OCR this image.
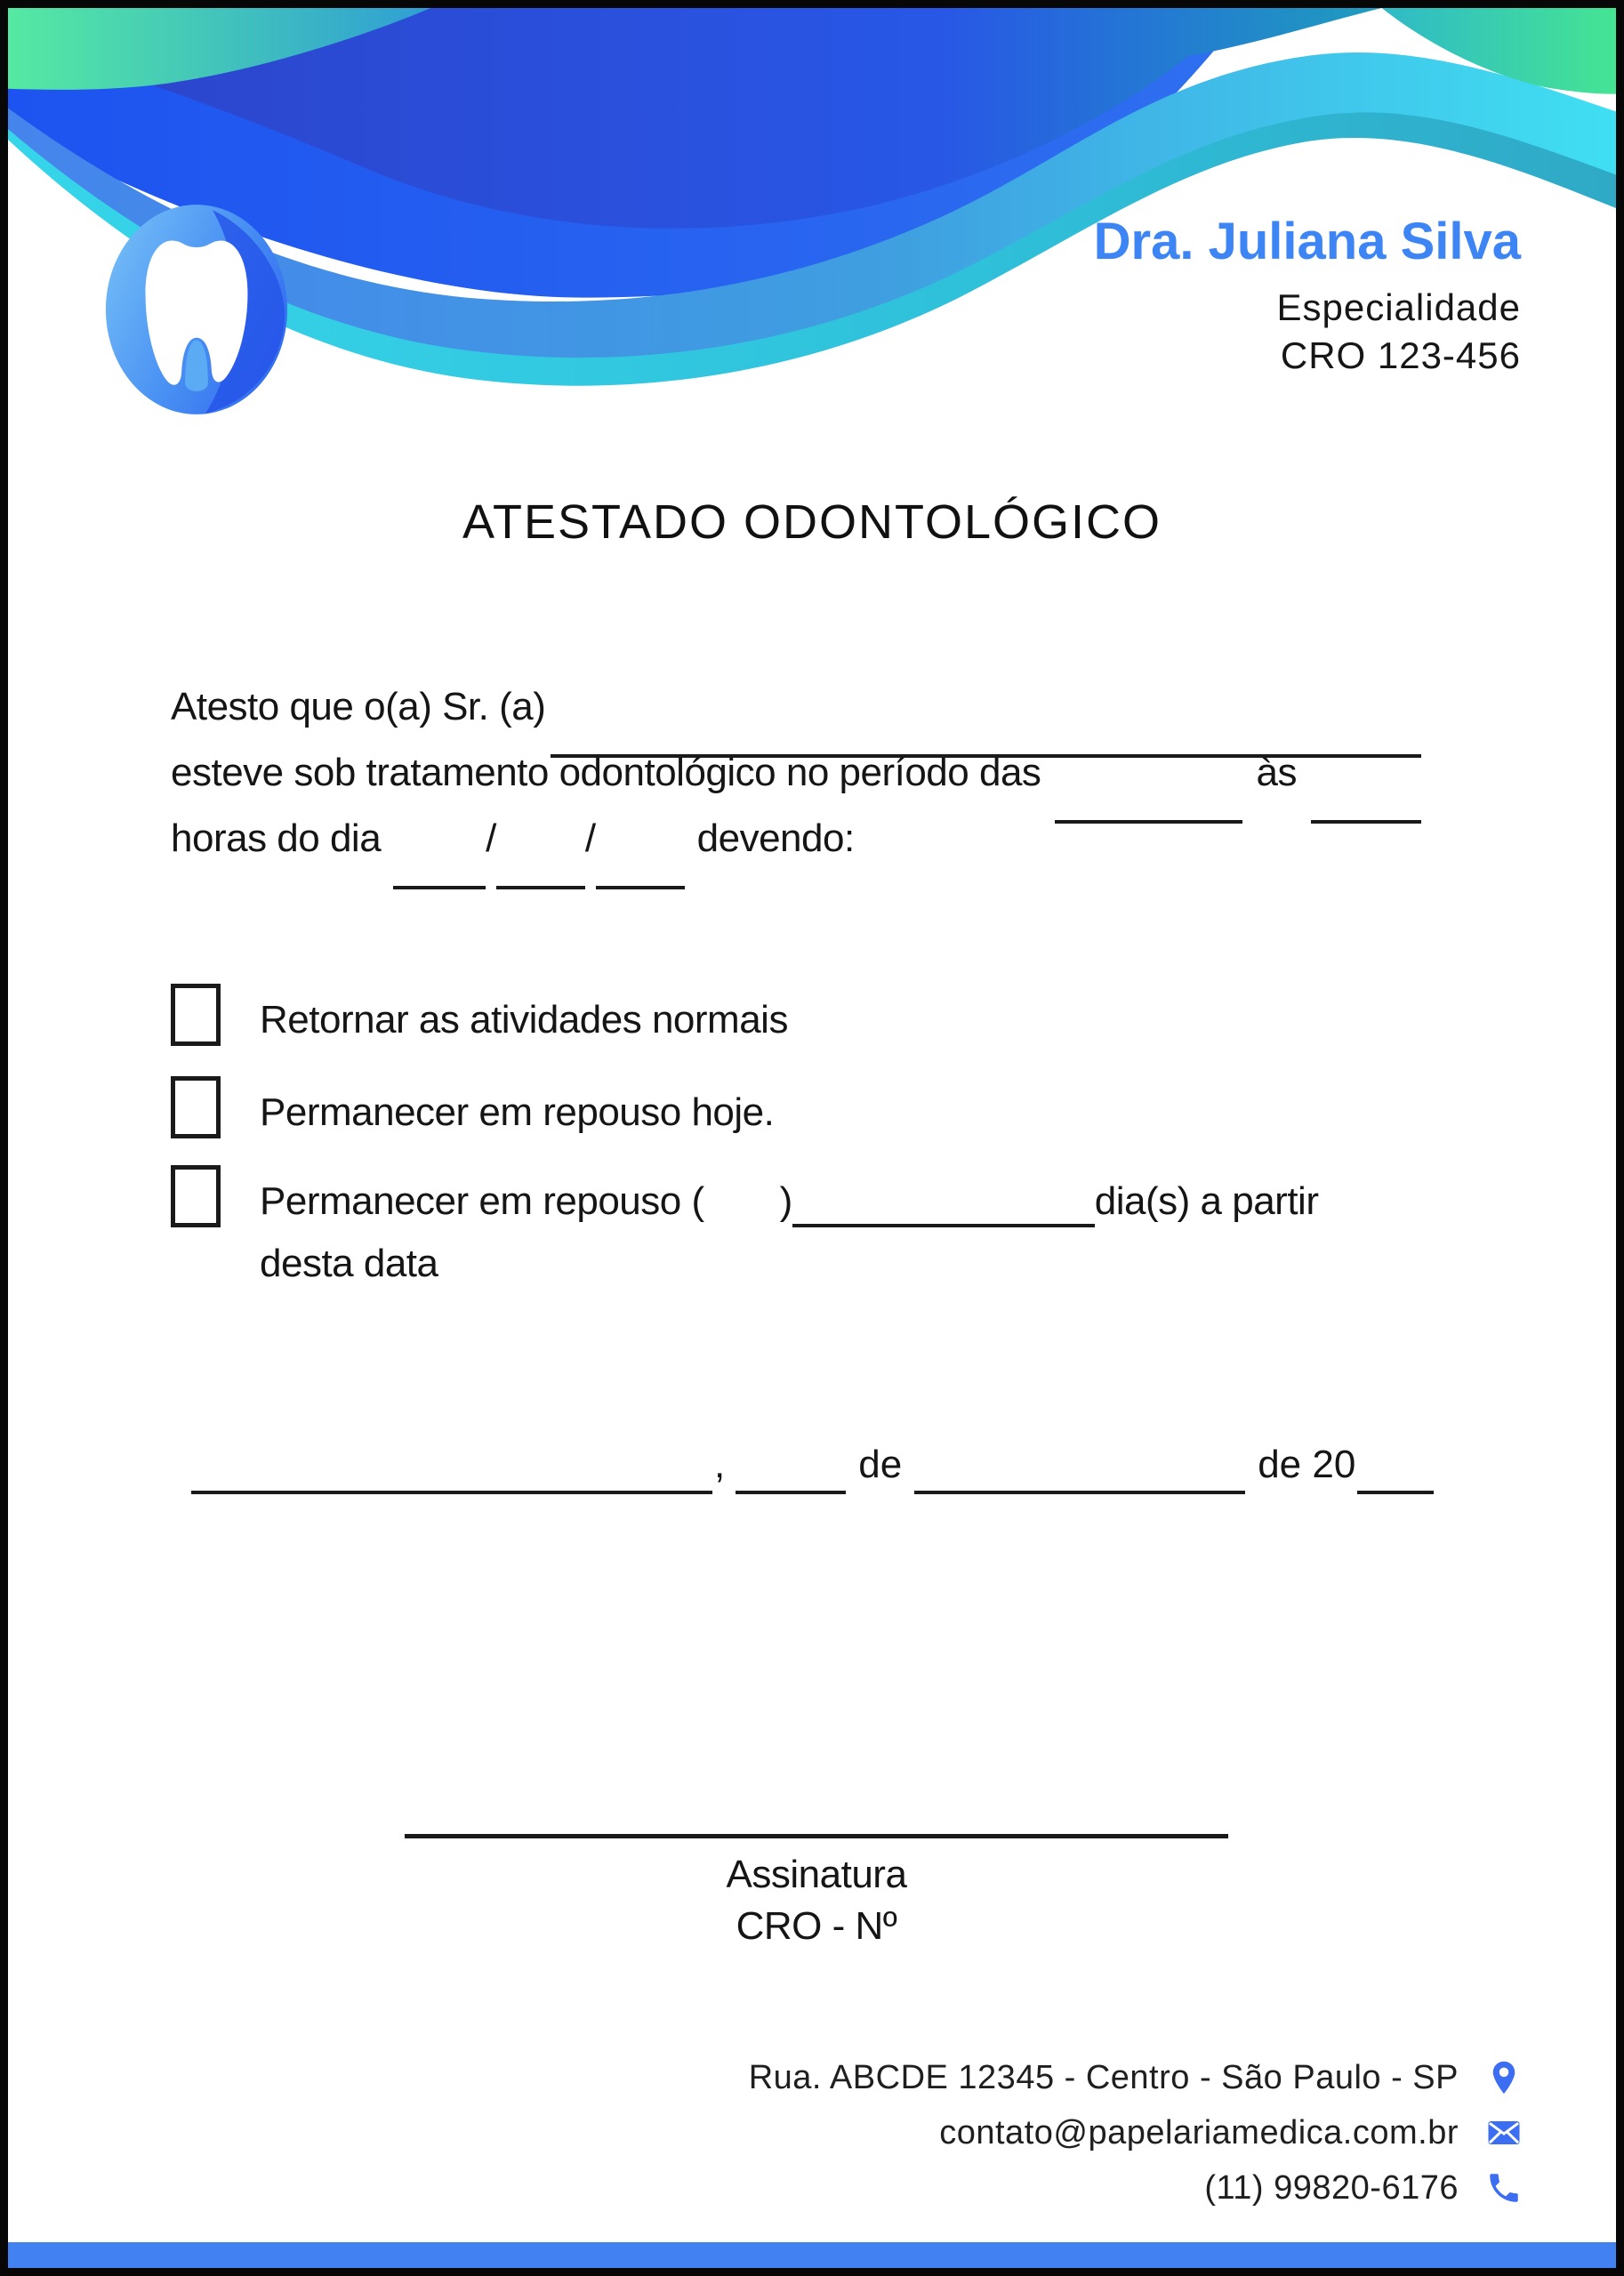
Dra. Juliana Silva
Especialidade
CRO 123-456
ATESTADO ODONTOLÓGICO
Atesto que o(a) Sr. (a)
esteve sob tratamento odontológico no período das	às
horas do dia	/ /	devendo:
Retornar as atividades normais
Permanecer em repouso hoje.
Permanecer em repouso ( )	dia(s) a partir
desta data
,	de	de 20
Assinatura
CRO - Nº
Rua. ABCDE 12345 - Centro - São Paulo - SP
contato@papelariamedica.com.br
(11) 99820-6176
